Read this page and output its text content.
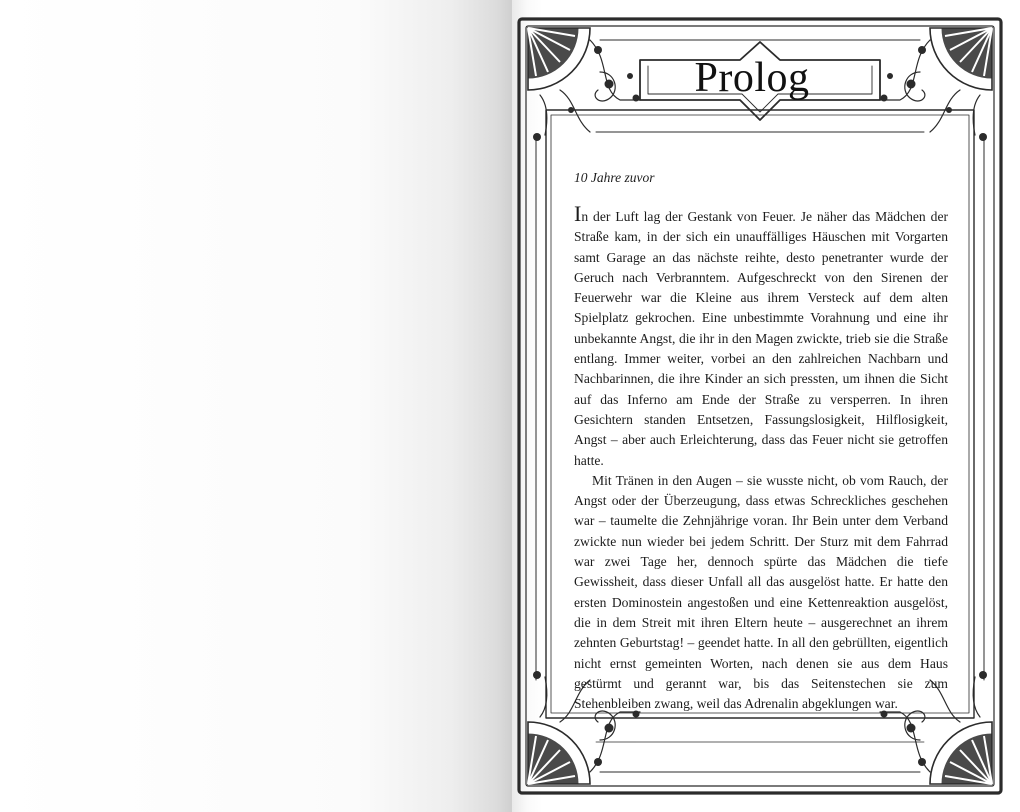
Prolog
10 Jahre zuvor

In der Luft lag der Gestank von Feuer. Je näher das Mädchen der Straße kam, in der sich ein unauffälliges Häuschen mit Vorgarten samt Garage an das nächste reihte, desto penetranter wurde der Geruch nach Verbranntem. Aufgeschreckt von den Sirenen der Feuerwehr war die Kleine aus ihrem Versteck auf dem alten Spielplatz gekrochen. Eine unbestimmte Vorahnung und eine ihr unbekannte Angst, die ihr in den Magen zwickte, trieb sie die Straße entlang. Immer weiter, vorbei an den zahlreichen Nachbarn und Nachbarinnen, die ihre Kinder an sich pressten, um ihnen die Sicht auf das Inferno am Ende der Straße zu versperren. In ihren Gesichtern standen Entsetzen, Fassungslosigkeit, Hilflosigkeit, Angst – aber auch Erleichterung, dass das Feuer nicht sie getroffen hatte.

Mit Tränen in den Augen – sie wusste nicht, ob vom Rauch, der Angst oder der Überzeugung, dass etwas Schreckliches geschehen war – taumelte die Zehnjährige voran. Ihr Bein unter dem Verband zwickte nun wieder bei jedem Schritt. Der Sturz mit dem Fahrrad war zwei Tage her, dennoch spürte das Mädchen die tiefe Gewissheit, dass dieser Unfall all das ausgelöst hatte. Er hatte den ersten Dominostein angestoßen und eine Kettenreaktion ausgelöst, die in dem Streit mit ihren Eltern heute – ausgerechnet an ihrem zehnten Geburtstag! – geendet hatte. In all den gebrüllten, eigentlich nicht ernst gemeinten Worten, nach denen sie aus dem Haus gestürmt und gerannt war, bis das Seitenstechen sie zum Stehenbleiben zwang, weil das Adrenalin abgeklungen war.
